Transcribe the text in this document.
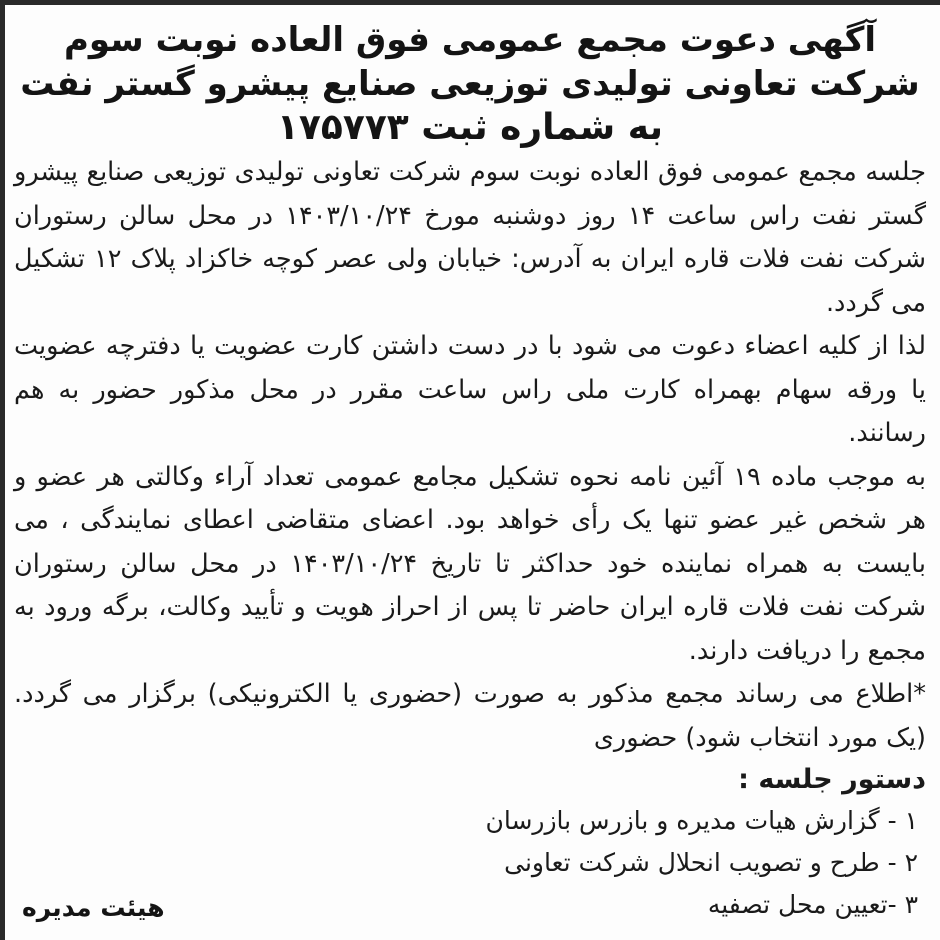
آگهی دعوت مجمع عمومی فوق العاده نوبت سوم
شرکت تعاونی تولیدی توزیعی صنایع پیشرو گستر نفت
به شماره ثبت ۱۷۵۷۷۳

جلسه مجمع عمومی فوق العاده نوبت سوم شرکت تعاونی تولیدی توزیعی صنایع پیشرو گستر نفت راس ساعت ۱۴ روز دوشنبه مورخ ۱۴۰۳/۱۰/۲۴ در محل سالن رستوران شرکت نفت فلات قاره ایران به آدرس: خیابان ولی عصر کوچه خاکزاد پلاک ۱۲ تشکیل می گردد.

لذا از کلیه اعضاء دعوت می شود با در دست داشتن کارت عضویت یا دفترچه عضویت یا ورقه سهام بهمراه کارت ملی راس ساعت مقرر در محل مذکور حضور به هم رسانند.

به موجب ماده ۱۹ آئین نامه نحوه تشکیل مجامع عمومی تعداد آراء وکالتی هر عضو و هر شخص غیر عضو تنها یک رأی خواهد بود. اعضای متقاضی اعطای نمایندگی ، می بایست به همراه نماینده خود حداکثر تا تاریخ ۱۴۰۳/۱۰/۲۴ در محل سالن رستوران شرکت نفت فلات قاره ایران حاضر تا پس از احراز هویت و تأیید وکالت، برگه ورود به مجمع را دریافت دارند.

*اطلاع می رساند مجمع مذکور به صورت (حضوری یا الکترونیکی) برگزار می گردد. (یک مورد انتخاب شود) حضوری

دستور جلسه :
۱ - گزارش هیات مدیره و بازرس بازرسان
۲ - طرح و تصویب انحلال شرکت تعاونی
۳ -تعیین محل تصفیه
هیئت مدیره
